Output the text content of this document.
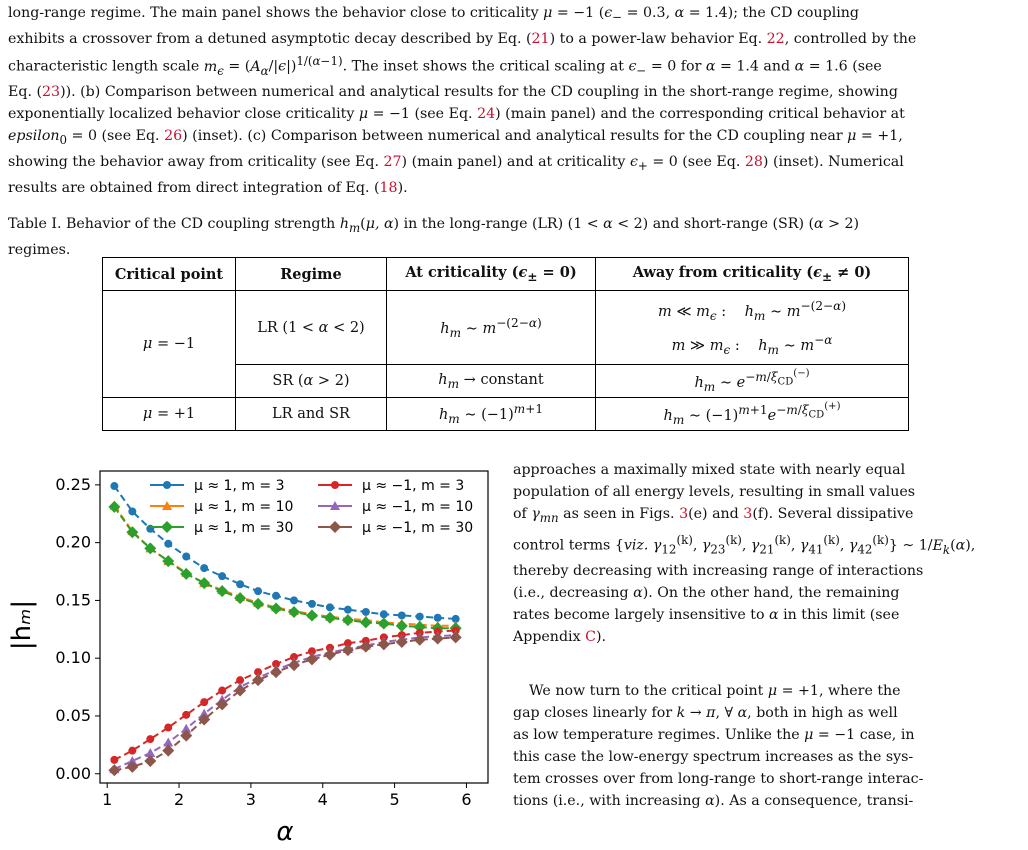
long-range regime. The main panel shows the behavior close to criticality μ = −1 ($\epsilon_- = 0.3$, α = 1.4); the CD coupling
exhibits a crossover from a detuned asymptotic decay described by Eq. (21) to a power-law behavior Eq. 22, controlled by the
characteristic length scale $m_\epsilon = (A_\alpha/|\epsilon|)^{1/(\alpha-1)}$. The inset shows the critical scaling at $\epsilon_- = 0$ for α = 1.4 and α = 1.6 (see
Eq. (23)). (b) Comparison between numerical and analytical results for the CD coupling in the short-range regime, showing
exponentially localized behavior close criticality μ = −1 (see Eq. 24) (main panel) and the corresponding critical behavior at
epsilon$_0$ = 0 (see Eq. 26) (inset). (c) Comparison between numerical and analytical results for the CD coupling near μ = +1,
showing the behavior away from criticality (see Eq. 27) (main panel) and at criticality $\epsilon_+ = 0$ (see Eq. 28) (inset). Numerical
results are obtained from direct integration of Eq. (18).
Table I. Behavior of the CD coupling strength $h_m(\mu$, α) in the long-range (LR) (1 < α < 2) and short-range (SR) (α > 2)
regimes.
Critical point	Regime	At criticality $(\epsilon_\pm = 0)$	Away from criticality $(\epsilon_\pm \ne 0)$
μ = −1	LR (1 < α < 2)	$h_m$ ∼ $m^{-(2-\alpha)}$	m ≪ $m_\epsilon$ :    $h_m$ ∼ $m^{-(2-\alpha)}$
m ≫ $m_\epsilon$ :    $h_m$ ∼ $m^{-\alpha}$

	SR (α > 2)	$h_m$ → constant	$h_m$ ∼ $e^{-m/\xi_{CD}^{(-)}}$
μ = +1	LR and SR	$h_m$ ∼ $(-1)^{m+1}$	$h_m$ ∼ $(-1)^{m+1}e^{-m/\xi_{CD}^{(+)}}$
1	2	3	4	5	6
0.00
0.05
0.10
0.15
0.20
0.25	μ ≈ 1, m = 3
μ ≈ 1, m = 10
μ ≈ 1, m = 30
μ ≈ −1, m = 3
μ ≈ −1, m = 10
μ ≈ −1, m = 30
|hₘ|
α
approaches a maximally mixed state with nearly equal
population of all energy levels, resulting in small values
of $\gamma_{mn}$ as seen in Figs. 3(e) and 3(f). Several dissipative
control terms {viz. $\gamma_{12}^{(k)}$, $\gamma_{23}^{(k)}$, $\gamma_{21}^{(k)}$, $\gamma_{41}^{(k)}$, $\gamma_{42}^{(k)}$} ∼ $1/E_k(\alpha)$,
thereby decreasing with increasing range of interactions
(i.e., decreasing α). On the other hand, the remaining
rates become largely insensitive to α in this limit (see
Appendix C).
We now turn to the critical point μ = +1, where the
gap closes linearly for k → π, ∀ α, both in high as well
as low temperature regimes. Unlike the μ = −1 case, in
this case the low-energy spectrum increases as the sys-
tem crosses over from long-range to short-range interac-
tions (i.e., with increasing α). As a consequence, transi-
